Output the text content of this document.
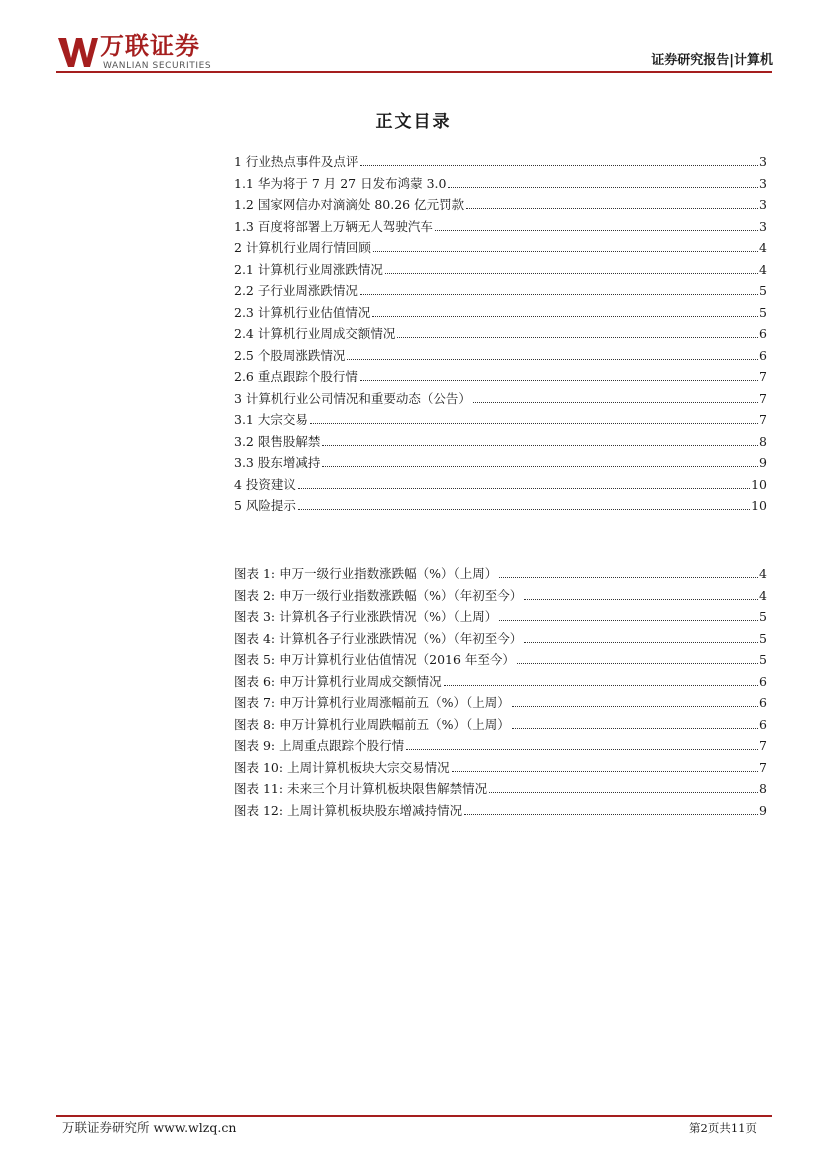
万联证券
WANLIAN SECURITIES	证券研究报告|计算机
正文目录
1 行业热点事件及点评	3
1.1 华为将于 7 月 27 日发布鸿蒙 3.0	3
1.2 国家网信办对滴滴处 80.26 亿元罚款	3
1.3 百度将部署上万辆无人驾驶汽车	3
2 计算机行业周行情回顾	4
2.1 计算机行业周涨跌情况	4
2.2 子行业周涨跌情况	5
2.3 计算机行业估值情况	5
2.4 计算机行业周成交额情况	6
2.5 个股周涨跌情况	6
2.6 重点跟踪个股行情	7
3 计算机行业公司情况和重要动态（公告）	7
3.1 大宗交易	7
3.2 限售股解禁	8
3.3 股东增减持	9
4 投资建议	10
5 风险提示	10
图表 1: 申万一级行业指数涨跌幅（%）（上周）	4
图表 2: 申万一级行业指数涨跌幅（%）（年初至今）	4
图表 3: 计算机各子行业涨跌情况（%）（上周）	5
图表 4: 计算机各子行业涨跌情况（%）（年初至今）	5
图表 5: 申万计算机行业估值情况（2016 年至今）	5
图表 6: 申万计算机行业周成交额情况	6
图表 7: 申万计算机行业周涨幅前五（%）（上周）	6
图表 8: 申万计算机行业周跌幅前五（%）（上周）	6
图表 9: 上周重点跟踪个股行情	7
图表 10: 上周计算机板块大宗交易情况	7
图表 11: 未来三个月计算机板块限售解禁情况	8
图表 12: 上周计算机板块股东增减持情况	9
万联证券研究所 www.wlzq.cn	第2页共11页
